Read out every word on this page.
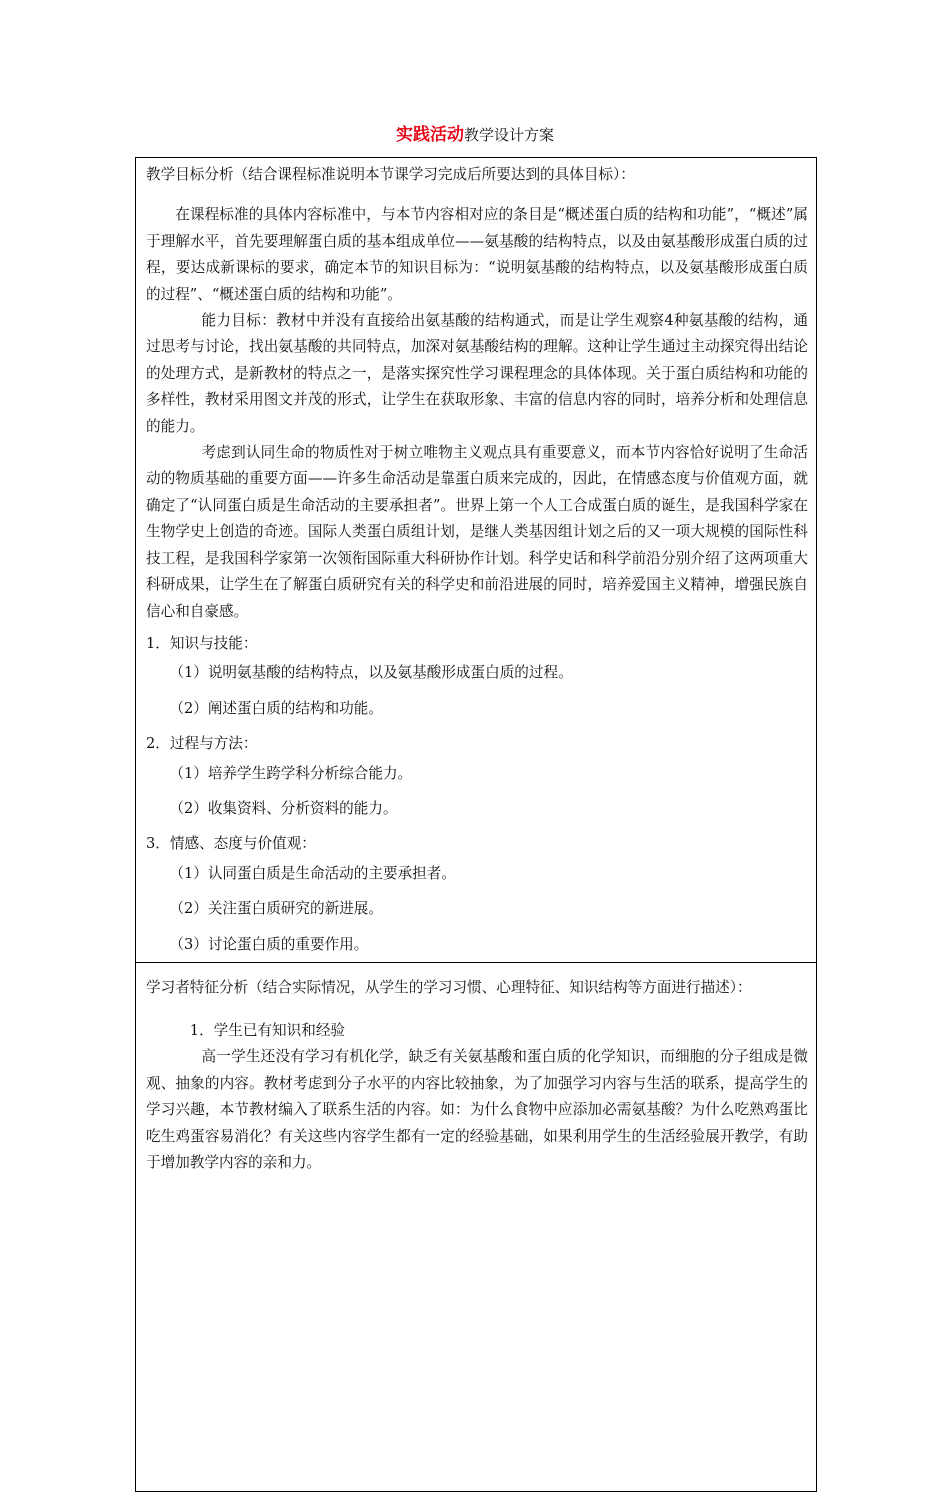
实践活动教学设计方案
教学目标分析（结合课程标准说明本节课学习完成后所要达到的具体目标）：

在课程标准的具体内容标准中，与本节内容相对应的条目是“概述蛋白质的结构和功能”，“概述”属于理解水平，首先要理解蛋白质的基本组成单位——氨基酸的结构特点，以及由氨基酸形成蛋白质的过程，要达成新课标的要求，确定本节的知识目标为：“说明氨基酸的结构特点，以及氨基酸形成蛋白质的过程”、“概述蛋白质的结构和功能”。

能力目标：教材中并没有直接给出氨基酸的结构通式，而是让学生观察4种氨基酸的结构，通过思考与讨论，找出氨基酸的共同特点，加深对氨基酸结构的理解。这种让学生通过主动探究得出结论的处理方式，是新教材的特点之一，是落实探究性学习课程理念的具体体现。关于蛋白质结构和功能的多样性，教材采用图文并茂的形式，让学生在获取形象、丰富的信息内容的同时，培养分析和处理信息的能力。

考虑到认同生命的物质性对于树立唯物主义观点具有重要意义，而本节内容恰好说明了生命活动的物质基础的重要方面——许多生命活动是靠蛋白质来完成的，因此，在情感态度与价值观方面，就确定了“认同蛋白质是生命活动的主要承担者”。世界上第一个人工合成蛋白质的诞生，是我国科学家在生物学史上创造的奇迹。国际人类蛋白质组计划，是继人类基因组计划之后的又一项大规模的国际性科技工程，是我国科学家第一次领衔国际重大科研协作计划。科学史话和科学前沿分别介绍了这两项重大科研成果，让学生在了解蛋白质研究有关的科学史和前沿进展的同时，培养爱国主义精神，增强民族自信心和自豪感。

1．知识与技能：
（1）说明氨基酸的结构特点，以及氨基酸形成蛋白质的过程。
（2）阐述蛋白质的结构和功能。
2．过程与方法：
（1）培养学生跨学科分析综合能力。
（2）收集资料、分析资料的能力。
3．情感、态度与价值观：
（1）认同蛋白质是生命活动的主要承担者。
（2）关注蛋白质研究的新进展。
（3）讨论蛋白质的重要作用。

学习者特征分析（结合实际情况，从学生的学习习惯、心理特征、知识结构等方面进行描述）：
1．学生已有知识和经验

高一学生还没有学习有机化学，缺乏有关氨基酸和蛋白质的化学知识，而细胞的分子组成是微观、抽象的内容。教材考虑到分子水平的内容比较抽象，为了加强学习内容与生活的联系，提高学生的学习兴趣，本节教材编入了联系生活的内容。如：为什么食物中应添加必需氨基酸？为什么吃熟鸡蛋比吃生鸡蛋容易消化？有关这些内容学生都有一定的经验基础，如果利用学生的生活经验展开教学，有助于增加教学内容的亲和力。
